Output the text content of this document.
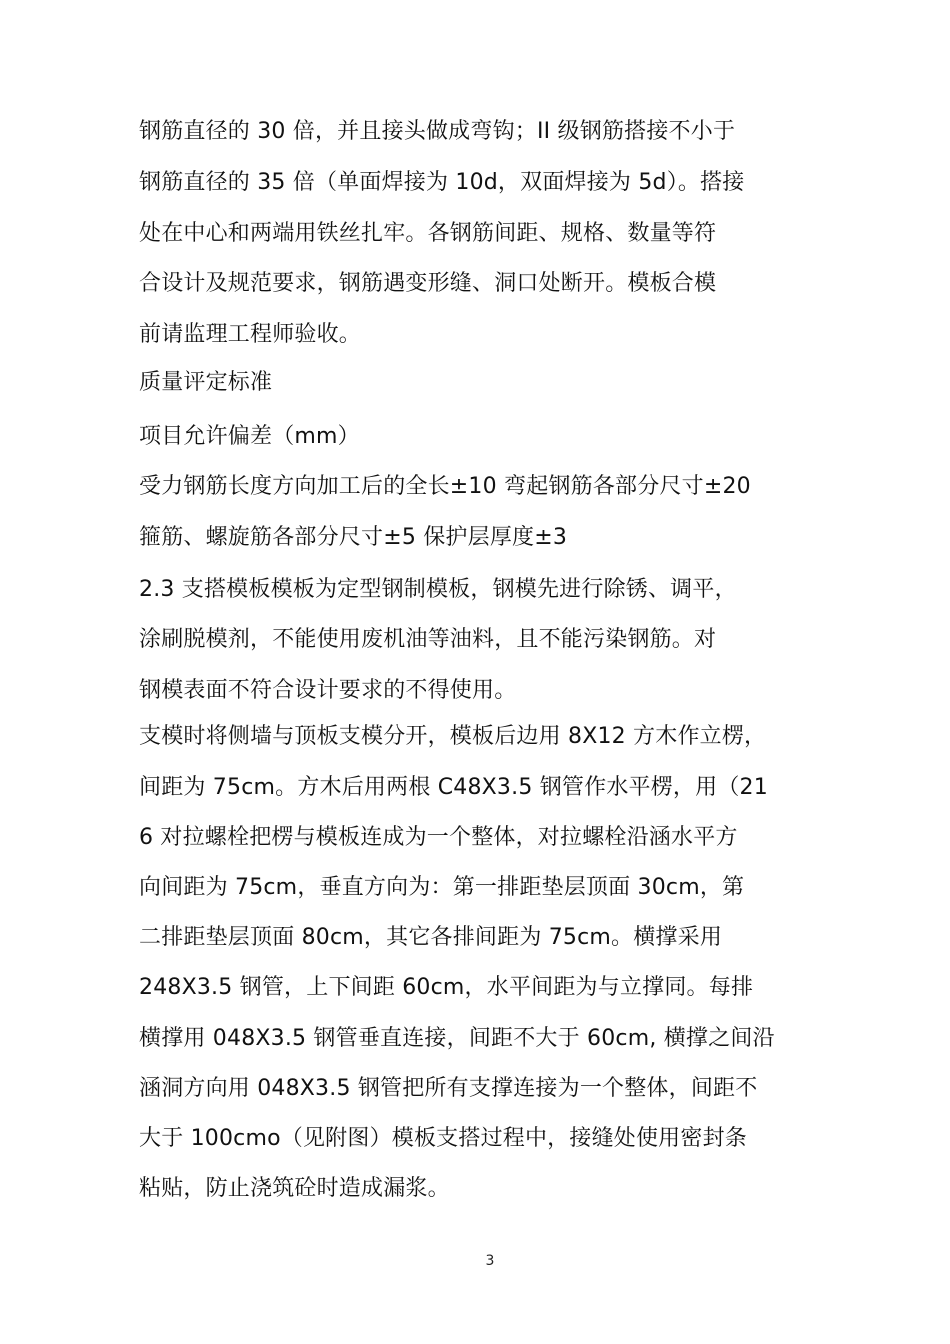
钢筋直径的 30 倍，并且接头做成弯钩；II 级钢筋搭接不小于
钢筋直径的 35 倍（单面焊接为 10d，双面焊接为 5d）。搭接
处在中心和两端用铁丝扎牢。各钢筋间距、规格、数量等符
合设计及规范要求，钢筋遇变形缝、洞口处断开。模板合模
前请监理工程师验收。
质量评定标准
项目允许偏差（mm）
受力钢筋长度方向加工后的全长±10 弯起钢筋各部分尺寸±20
箍筋、螺旋筋各部分尺寸±5 保护层厚度±3
2.3 支搭模板模板为定型钢制模板，钢模先进行除锈、调平，
涂刷脱模剂，不能使用废机油等油料，且不能污染钢筋。对
钢模表面不符合设计要求的不得使用。
支模时将侧墙与顶板支模分开，模板后边用 8X12 方木作立楞，
间距为 75cm。方木后用两根 C48X3.5 钢管作水平楞，用（21
6 对拉螺栓把楞与模板连成为一个整体，对拉螺栓沿涵水平方
向间距为 75cm，垂直方向为：第一排距垫层顶面 30cm，第
二排距垫层顶面 80cm，其它各排间距为 75cm。横撑采用
248X3.5 钢管，上下间距 60cm，水平间距为与立撑同。每排
横撑用 048X3.5 钢管垂直连接，间距不大于 60cm, 横撑之间沿
涵洞方向用 048X3.5 钢管把所有支撑连接为一个整体，间距不
大于 100cmo（见附图）模板支搭过程中，接缝处使用密封条
粘贴，防止浇筑砼时造成漏浆。
3
